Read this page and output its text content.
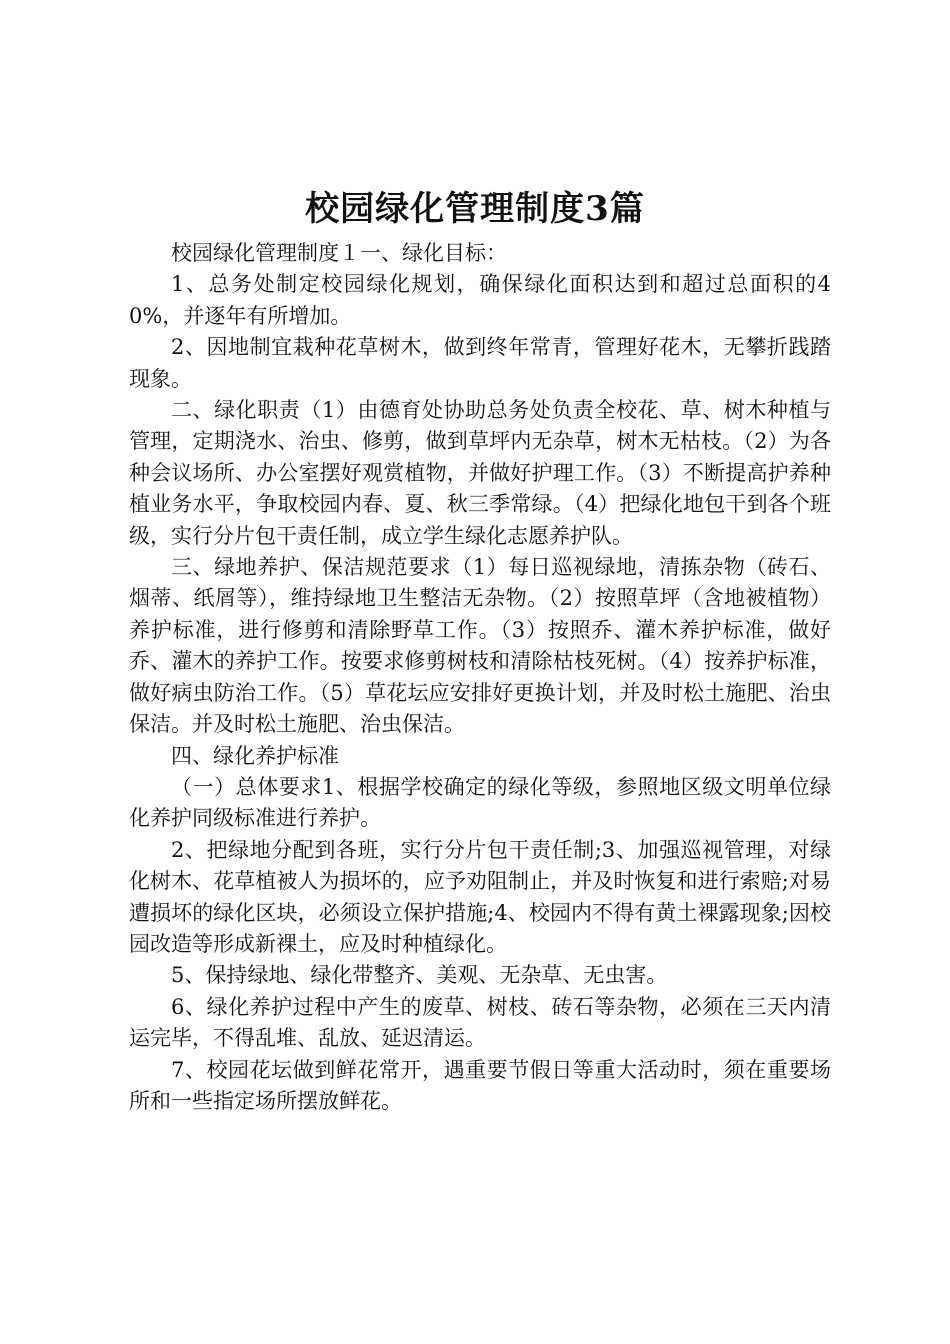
校园绿化管理制度3篇

校园绿化管理制度１一、绿化目标：

1、总务处制定校园绿化规划，确保绿化面积达到和超过总面积的40%，并逐年有所增加。

2、因地制宜栽种花草树木，做到终年常青，管理好花木，无攀折践踏现象。

二、绿化职责（1）由德育处协助总务处负责全校花、草、树木种植与管理，定期浇水、治虫、修剪，做到草坪内无杂草，树木无枯枝。（2）为各种会议场所、办公室摆好观赏植物，并做好护理工作。（3）不断提高护养种植业务水平，争取校园内春、夏、秋三季常绿。（4）把绿化地包干到各个班级，实行分片包干责任制，成立学生绿化志愿养护队。

三、绿地养护、保洁规范要求（1）每日巡视绿地，清拣杂物（砖石、烟蒂、纸屑等），维持绿地卫生整洁无杂物。（2）按照草坪（含地被植物）养护标准，进行修剪和清除野草工作。（3）按照乔、灌木养护标准，做好乔、灌木的养护工作。按要求修剪树枝和清除枯枝死树。（4）按养护标准，做好病虫防治工作。（5）草花坛应安排好更换计划，并及时松土施肥、治虫保洁。并及时松土施肥、治虫保洁。

四、绿化养护标准

（一）总体要求1、根据学校确定的绿化等级，参照地区级文明单位绿化养护同级标准进行养护。

2、把绿地分配到各班，实行分片包干责任制;3、加强巡视管理，对绿化树木、花草植被人为损坏的，应予劝阻制止，并及时恢复和进行索赔;对易遭损坏的绿化区块，必须设立保护措施;4、校园内不得有黄土裸露现象;因校园改造等形成新裸土，应及时种植绿化。

5、保持绿地、绿化带整齐、美观、无杂草、无虫害。

6、绿化养护过程中产生的废草、树枝、砖石等杂物，必须在三天内清运完毕，不得乱堆、乱放、延迟清运。

7、校园花坛做到鲜花常开，遇重要节假日等重大活动时，须在重要场所和一些指定场所摆放鲜花。
